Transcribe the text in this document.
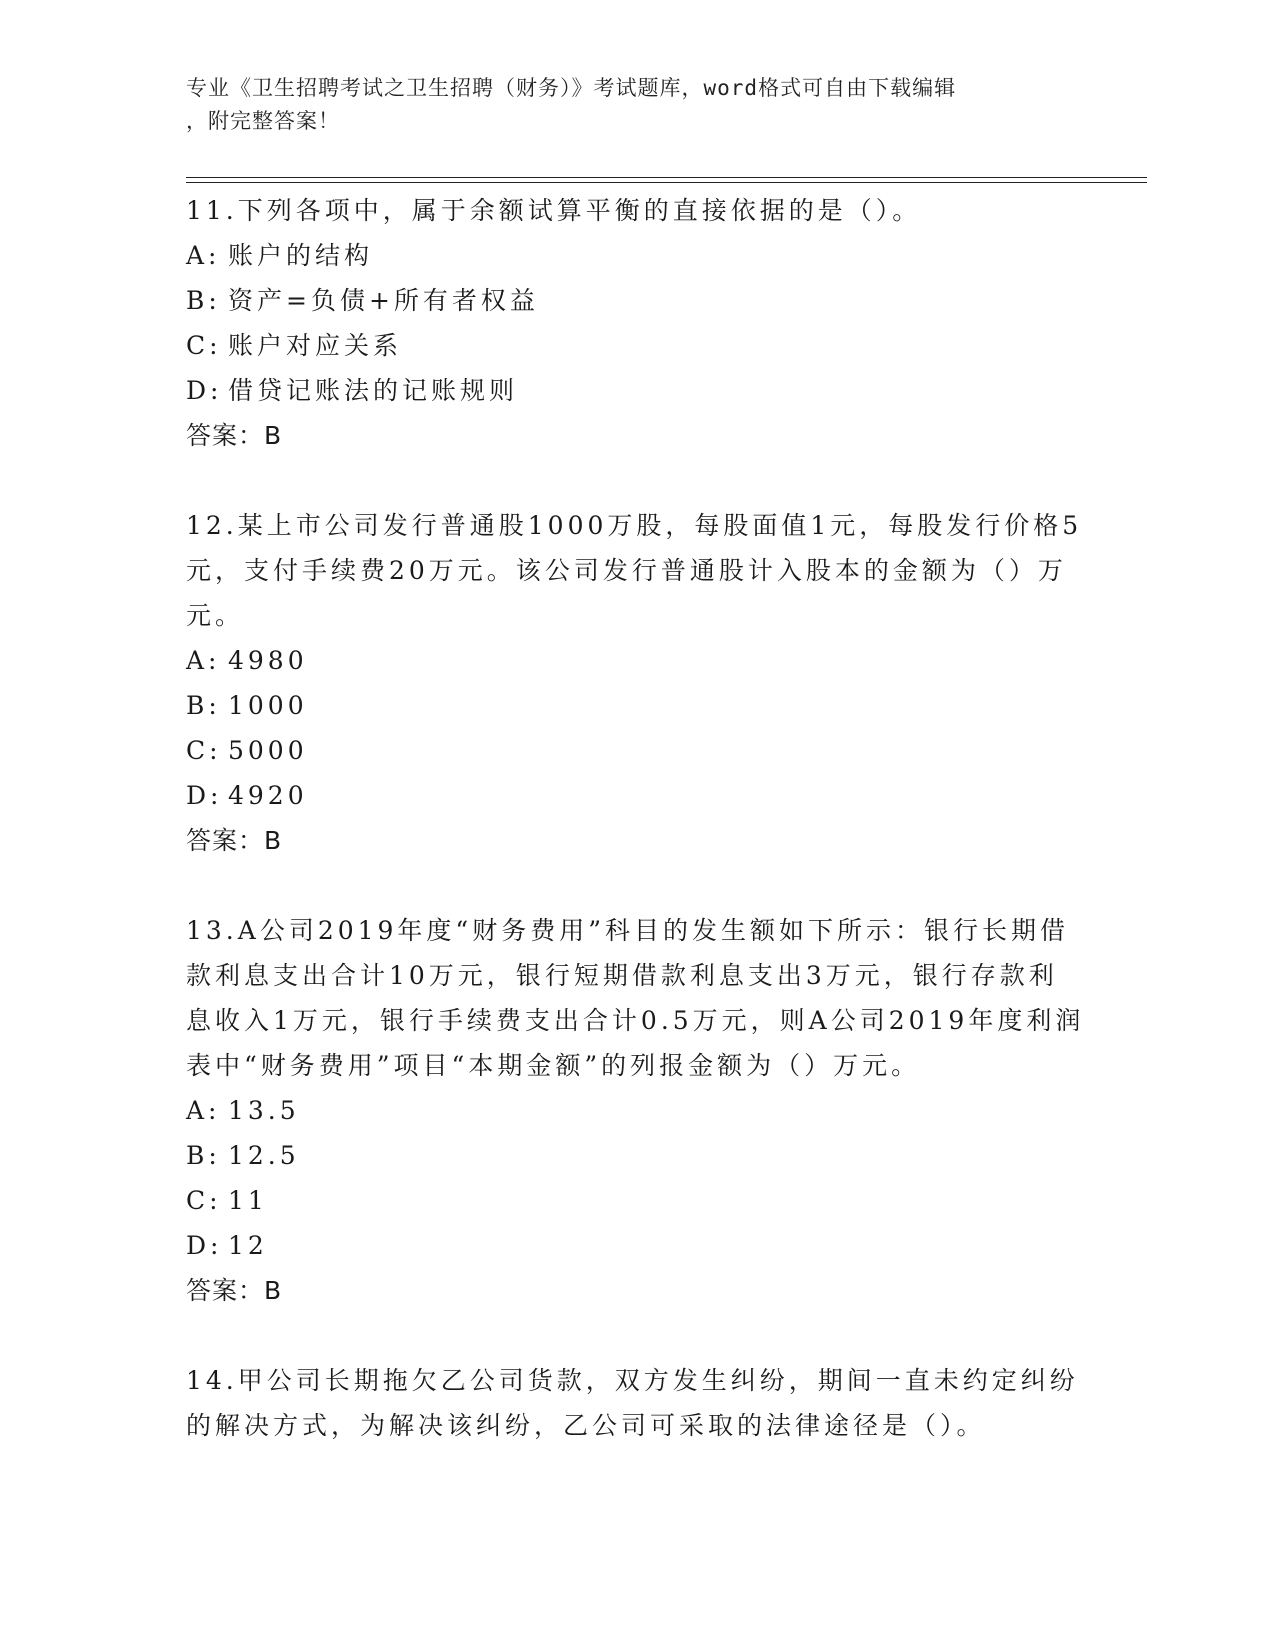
专业《卫生招聘考试之卫生招聘（财务）》考试题库，word格式可自由下载编辑
，附完整答案！

11.下列各项中，属于余额试算平衡的直接依据的是（）。

A: 账户的结构

B: 资产=负债+所有者权益

C: 账户对应关系

D: 借贷记账法的记账规则

答案：B

12.某上市公司发行普通股1000万股，每股面值1元，每股发行价格5元，支付手续费20万元。该公司发行普通股计入股本的金额为（）万元。

A: 4980

B: 1000

C: 5000

D: 4920

答案：B

13.A公司2019年度“财务费用”科目的发生额如下所示：银行长期借款利息支出合计10万元，银行短期借款利息支出3万元，银行存款利息收入1万元，银行手续费支出合计0.5万元，则A公司2019年度利润表中“财务费用”项目“本期金额”的列报金额为（）万元。

A: 13.5

B: 12.5

C: 11

D: 12

答案：B

14.甲公司长期拖欠乙公司货款，双方发生纠纷，期间一直未约定纠纷的解决方式，为解决该纠纷，乙公司可采取的法律途径是（）。
